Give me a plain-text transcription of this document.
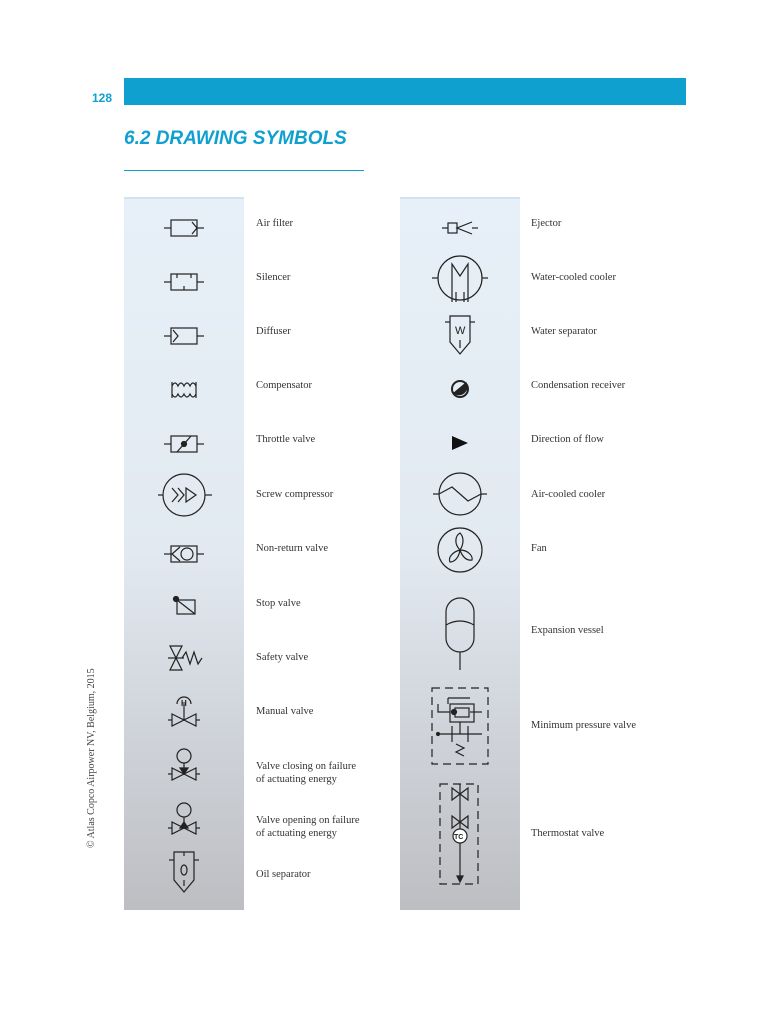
128
6.2 DRAWING SYMBOLS
Air filter
Silencer
Diffuser
Compensator
Throttle valve
Screw compressor
Non-return valve
Stop valve
Safety valve
H
Manual valve
Valve closing on failure
of actuating energy
Valve opening on failure
of actuating energy
Oil separator
Ejector
Water-cooled cooler
W	Water separator
Condensation receiver
Direction of flow
Air-cooled cooler
Fan
Expansion vessel
Minimum pressure valve
TC	Thermostat valve
© Atlas Copco Airpower NV, Belgium, 2015
